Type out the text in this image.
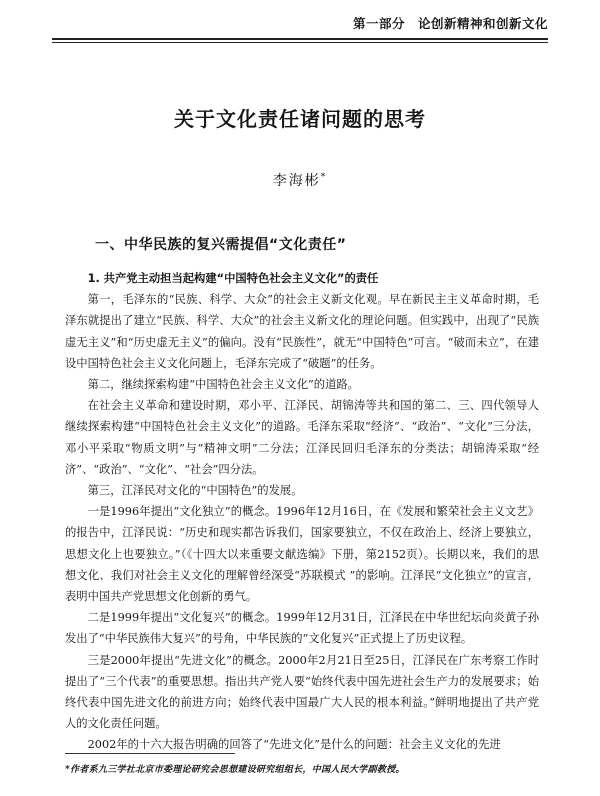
第一部分　论创新精神和创新文化
关于文化责任诸问题的思考
李海彬*
一、中华民族的复兴需提倡“文化责任”

1. 共产党主动担当起构建“中国特色社会主义文化”的责任

第一，毛泽东的“民族、科学、大众”的社会主义新文化观。早在新民主主义革命时期，毛泽东就提出了建立“民族、科学、大众”的社会主义新文化的理论问题。但实践中，出现了“民族虚无主义”和“历史虚无主义”的偏向。没有“民族性”，就无“中国特色”可言。“破而未立”，在建设中国特色社会主义文化问题上，毛泽东完成了“破题”的任务。

第二，继续探索构建“中国特色社会主义文化”的道路。

在社会主义革命和建设时期，邓小平、江泽民、胡锦涛等共和国的第二、三、四代领导人继续探索构建“中国特色社会主义文化”的道路。毛泽东采取“经济”、“政治”、“文化”三分法，邓小平采取“物质文明”与“精神文明”二分法；江泽民回归毛泽东的分类法；胡锦涛采取“经济”、“政治”、“文化”、“社会”四分法。

第三，江泽民对文化的“中国特色”的发展。

一是1996年提出“文化独立”的概念。1996年12月16日，在《发展和繁荣社会主义文艺》的报告中，江泽民说：“历史和现实都告诉我们，国家要独立，不仅在政治上、经济上要独立，思想文化上也要独立。”（《十四大以来重要文献选编》下册，第2152页）。长期以来，我们的思想文化、我们对社会主义文化的理解曾经深受“苏联模式 ”的影响。江泽民“文化独立”的宣言，表明中国共产党思想文化创新的勇气。

二是1999年提出“文化复兴”的概念。1999年12月31日，江泽民在中华世纪坛向炎黄子孙发出了“中华民族伟大复兴”的号角，中华民族的“文化复兴”正式提上了历史议程。

三是2000年提出“先进文化”的概念。2000年2月21日至25日，江泽民在广东考察工作时提出了“三个代表”的重要思想。指出共产党人要“始终代表中国先进社会生产力的发展要求；始终代表中国先进文化的前进方向；始终代表中国最广大人民的根本利益。”鲜明地提出了共产党人的文化责任问题。

2002年的十六大报告明确的回答了“先进文化”是什么的问题：社会主义文化的先进

*作者系九三学社北京市委理论研究会思想建设研究组组长，中国人民大学副教授。
